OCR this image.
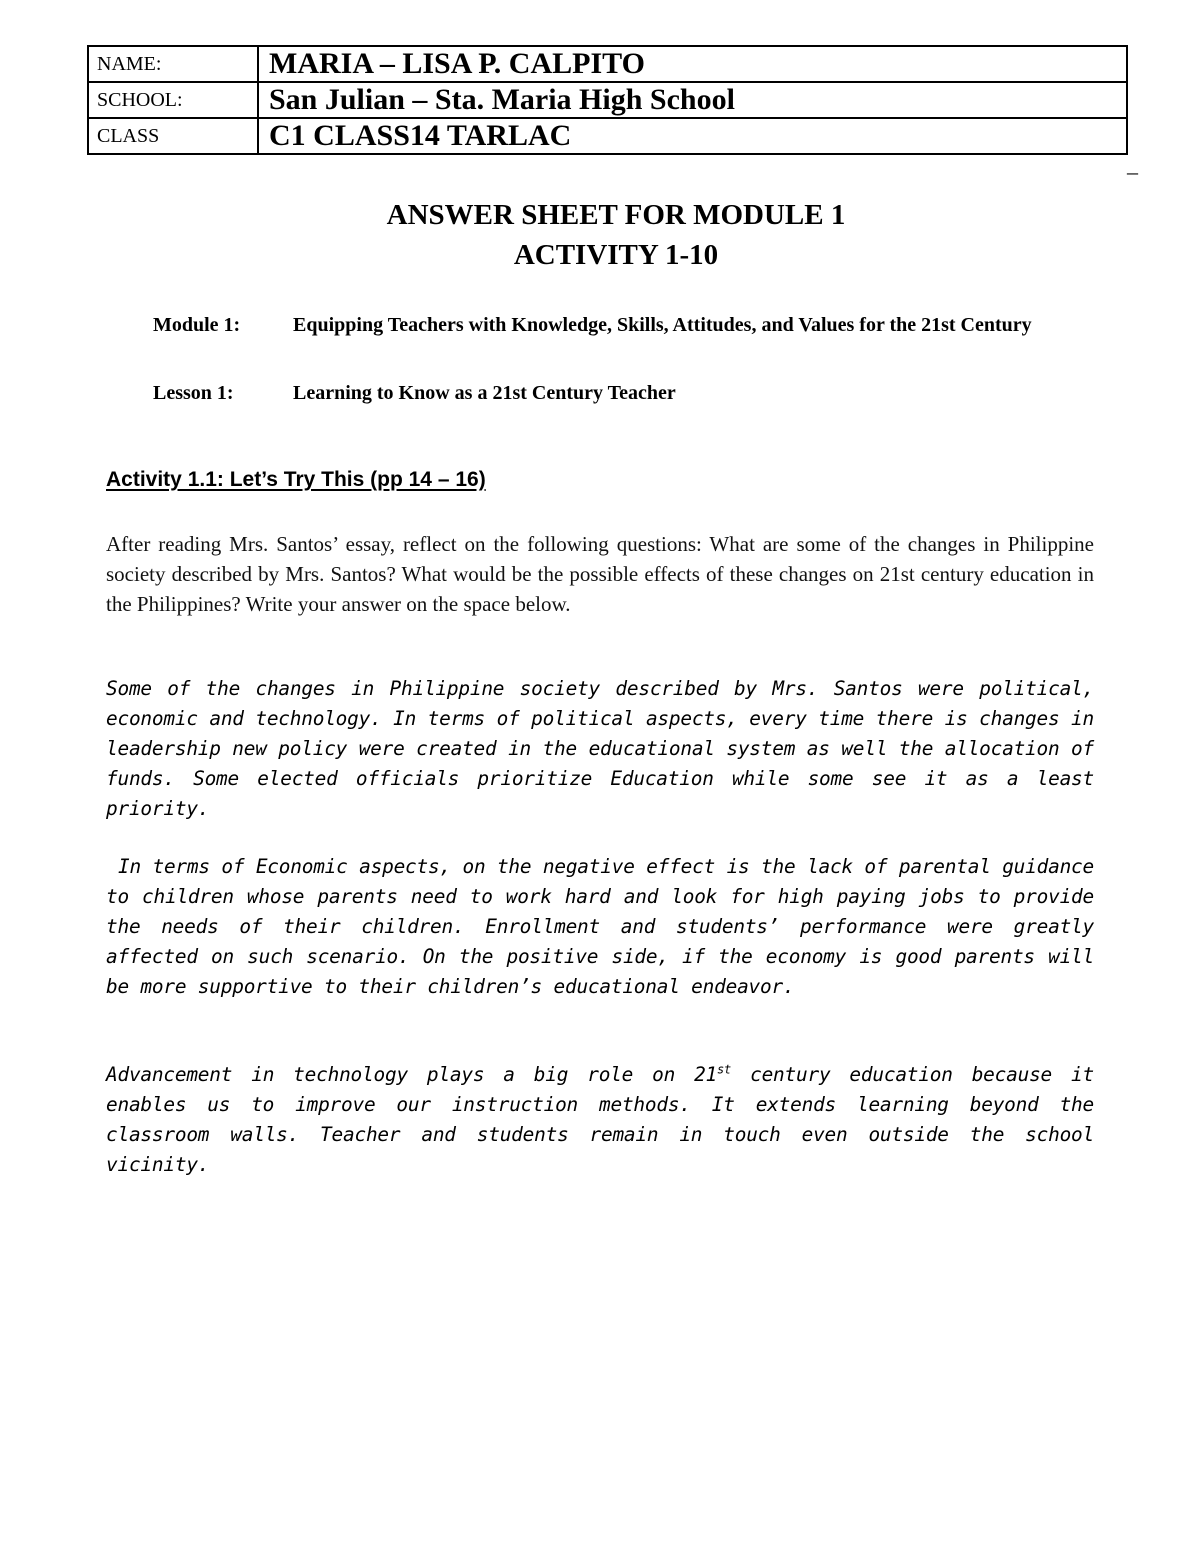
NAME:	MARIA – LISA P. CALPITO
SCHOOL:	San Julian – Sta. Maria High School
CLASS	C1 CLASS14 TARLAC
–
ANSWER SHEET FOR MODULE 1
ACTIVITY 1-10
Module 1:	Equipping Teachers with Knowledge, Skills, Attitudes, and Values for the 21st Century
Lesson 1:	Learning to Know as a 21st Century Teacher
Activity 1.1: Let’s Try This (pp 14 – 16)
After reading Mrs. Santos’ essay, reflect on the following questions: What are some of the changes in Philippine society described by Mrs. Santos? What would be the possible effects of these changes on 21st century education in the Philippines? Write your answer on the space below.
Some of the changes in Philippine society described by Mrs. Santos were political, economic and technology. In terms of political aspects, every time there is changes in leadership new policy were created in the educational system as well the allocation of funds. Some elected officials prioritize Education while some see it as a least priority.
In terms of Economic aspects, on the negative effect is the lack of parental guidance to children whose parents need to work hard and look for high paying jobs to provide the needs of their children. Enrollment and students’ performance were greatly affected on such scenario. On the positive side, if the economy is good parents will be more supportive to their children’s educational endeavor.
Advancement in technology plays a big role on 21st century education because it enables us to improve our instruction methods. It extends learning beyond the classroom walls. Teacher and students remain in touch even outside the school vicinity.
